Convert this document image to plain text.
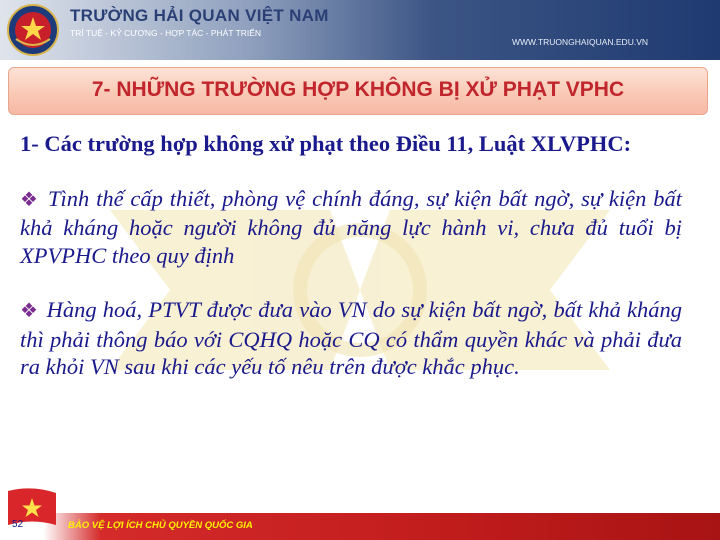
TRƯỜNG HẢI QUAN VIỆT NAM
TRÍ TUỆ - KỶ CƯƠNG - HỢP TÁC - PHÁT TRIỂN
WWW.TRUONGHAIQUAN.EDU.VN
7- NHỮNG TRƯỜNG HỢP KHÔNG BỊ XỬ PHẠT VPHC

1- Các trường hợp không xử phạt theo Điều 11, Luật XLVPHC:

❖ Tình thế cấp thiết, phòng vệ chính đáng, sự kiện bất ngờ, sự kiện bất khả kháng hoặc người không đủ năng lực hành vi, chưa đủ tuổi bị XPVPHC theo quy định

❖ Hàng hoá, PTVT được đưa vào VN do sự kiện bất ngờ, bất khả kháng thì phải thông báo với CQHQ hoặc CQ có thẩm quyền khác và phải đưa ra khỏi VN sau khi các yếu tố nêu trên được khắc phục.

52	BẢO VỆ LỢI ÍCH CHỦ QUYỀN QUỐC GIA
